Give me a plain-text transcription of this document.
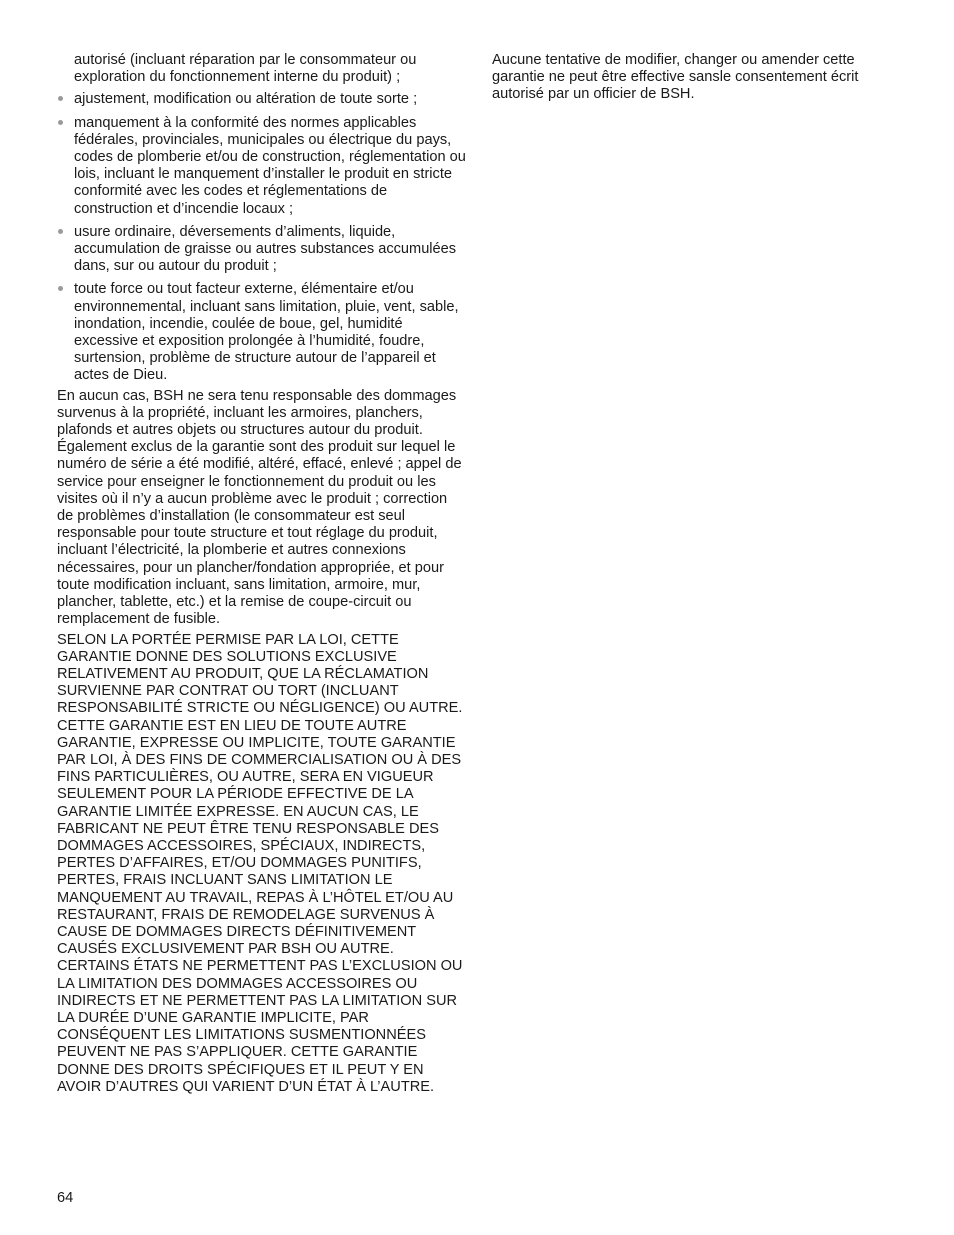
autorisé (incluant réparation par le consommateur ou exploration du fonctionnement interne du produit) ;

ajustement, modification ou altération de toute sorte ;
manquement à la conformité des normes applicables fédérales, provinciales, municipales ou électrique du pays, codes de plomberie et/ou de construction, réglementation ou lois, incluant le manquement d’installer le produit en stricte conformité avec les codes et réglementations de construction et d’incendie locaux ;
usure ordinaire, déversements d’aliments, liquide, accumulation de graisse ou autres substances accumulées dans, sur ou autour du produit ;
toute force ou tout facteur externe, élémentaire et/ou environnemental, incluant sans limitation, pluie, vent, sable, inondation, incendie, coulée de boue, gel, humidité excessive et exposition prolongée à l’humidité, foudre, surtension, problème de structure autour de l’appareil et actes de Dieu.

En aucun cas, BSH ne sera tenu responsable des dommages survenus à la propriété, incluant les armoires, planchers, plafonds et autres objets ou structures autour du produit. Également exclus de la garantie sont des produit sur lequel le numéro de série a été modifié, altéré, effacé, enlevé ; appel de service pour enseigner le fonctionnement du produit ou les visites où il n’y a aucun problème avec le produit ; correction de problèmes d’installation (le consommateur est seul responsable pour toute structure et tout réglage du produit, incluant l’électricité, la plomberie et autres connexions nécessaires, pour un plancher/fondation appropriée, et pour toute modification incluant, sans limitation, armoire, mur, plancher, tablette, etc.) et la remise de coupe-circuit ou remplacement de fusible.

SELON LA PORTÉE PERMISE PAR LA LOI, CETTE GARANTIE DONNE DES SOLUTIONS EXCLUSIVE RELATIVEMENT AU PRODUIT, QUE LA RÉCLAMATION SURVIENNE PAR CONTRAT OU TORT (INCLUANT RESPONSABILITÉ STRICTE OU NÉGLIGENCE) OU AUTRE. CETTE GARANTIE EST EN LIEU DE TOUTE AUTRE GARANTIE, EXPRESSE OU IMPLICITE, TOUTE GARANTIE PAR LOI, À DES FINS DE COMMERCIALISATION OU À DES FINS PARTICULIÈRES, OU AUTRE, SERA EN VIGUEUR SEULEMENT POUR LA PÉRIODE EFFECTIVE DE LA GARANTIE LIMITÉE EXPRESSE. EN AUCUN CAS, LE FABRICANT NE PEUT ÊTRE TENU RESPONSABLE DES DOMMAGES ACCESSOIRES, SPÉCIAUX, INDIRECTS, PERTES D’AFFAIRES, ET/OU DOMMAGES PUNITIFS, PERTES, FRAIS INCLUANT SANS LIMITATION LE MANQUEMENT AU TRAVAIL, REPAS À L’HÔTEL ET/OU AU RESTAURANT, FRAIS DE REMODELAGE SURVENUS À CAUSE DE DOMMAGES DIRECTS DÉFINITIVEMENT CAUSÉS EXCLUSIVEMENT PAR BSH OU AUTRE. CERTAINS ÉTATS NE PERMETTENT PAS L’EXCLUSION OU LA LIMITATION DES DOMMAGES ACCESSOIRES OU INDIRECTS ET NE PERMETTENT PAS LA LIMITATION SUR LA DURÉE D’UNE GARANTIE IMPLICITE, PAR CONSÉQUENT LES LIMITATIONS SUSMENTIONNÉES PEUVENT NE PAS S’APPLIQUER. CETTE GARANTIE DONNE DES DROITS SPÉCIFIQUES ET IL PEUT Y EN AVOIR D’AUTRES QUI VARIENT D’UN ÉTAT À L’AUTRE.

Aucune tentative de modifier, changer ou amender cette garantie ne peut être effective sansle consentement écrit autorisé par un officier de BSH.

64
